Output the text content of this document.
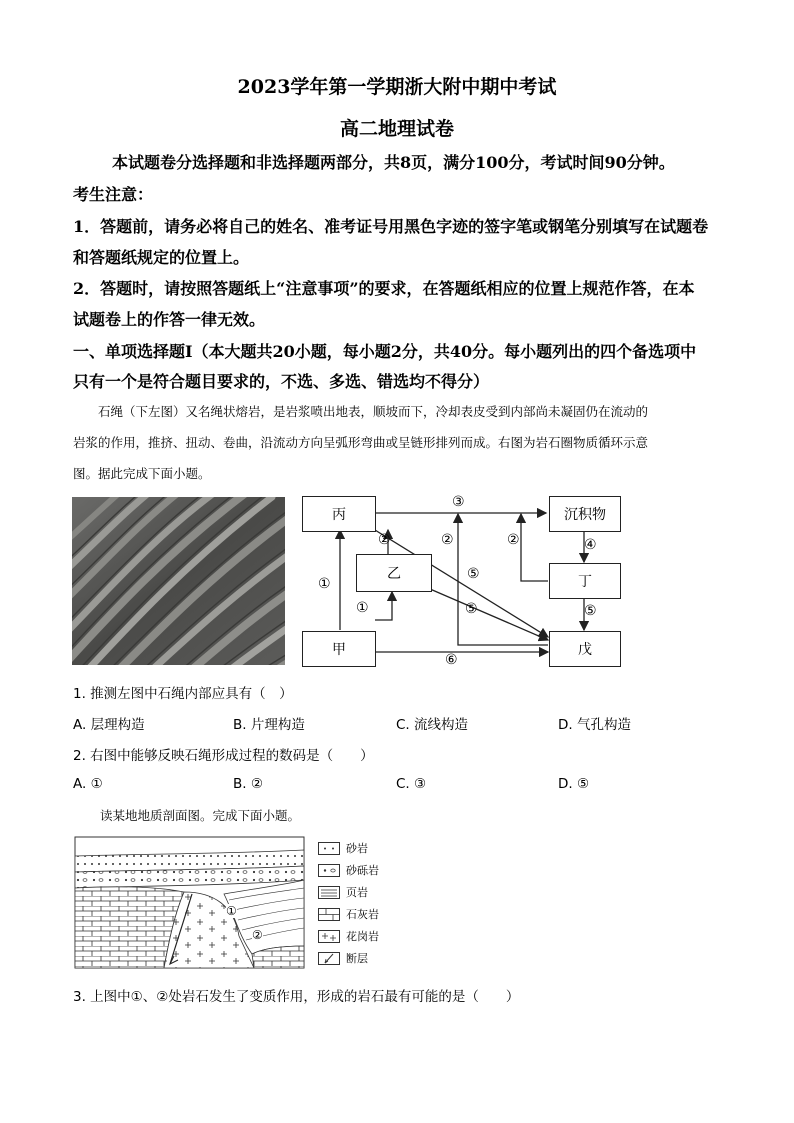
2023学年第一学期浙大附中期中考试
高二地理试卷
本试题卷分选择题和非选择题两部分，共8页，满分100分，考试时间90分钟。
考生注意：
1．答题前，请务必将自己的姓名、准考证号用黑色字迹的签字笔或钢笔分别填写在试题卷
和答题纸规定的位置上。
2．答题时，请按照答题纸上“注意事项”的要求，在答题纸相应的位置上规范作答，在本
试题卷上的作答一律无效。
一、单项选择题Ⅰ（本大题共20小题，每小题2分，共40分。每小题列出的四个备选项中
只有一个是符合题目要求的，不选、多选、错选均不得分）
石绳（下左图）又名绳状熔岩，是岩浆喷出地表，顺坡而下，冷却表皮受到内部尚未凝固仍在流动的
岩浆的作用，推挤、扭动、卷曲，沿流动方向呈弧形弯曲或呈链形排列而成。右图为岩石圈物质循环示意
图。据此完成下面小题。
丙
乙
甲
沉积物
丁
戊
③
②	②	②	④
①
①
⑤
⑤	⑤
⑥
1. 推测左图中石绳内部应具有（　）
A. 层理构造	B. 片理构造	C. 流线构造	D. 气孔构造
2. 右图中能够反映石绳形成过程的数码是（　　）
A. ①	B. ②	C. ③	D. ⑤
读某地地质剖面图。完成下面小题。
①
②
砂岩
砂砾岩
页岩
石灰岩
花岗岩
断层
3. 上图中①、②处岩石发生了变质作用，形成的岩石最有可能的是（　　）
